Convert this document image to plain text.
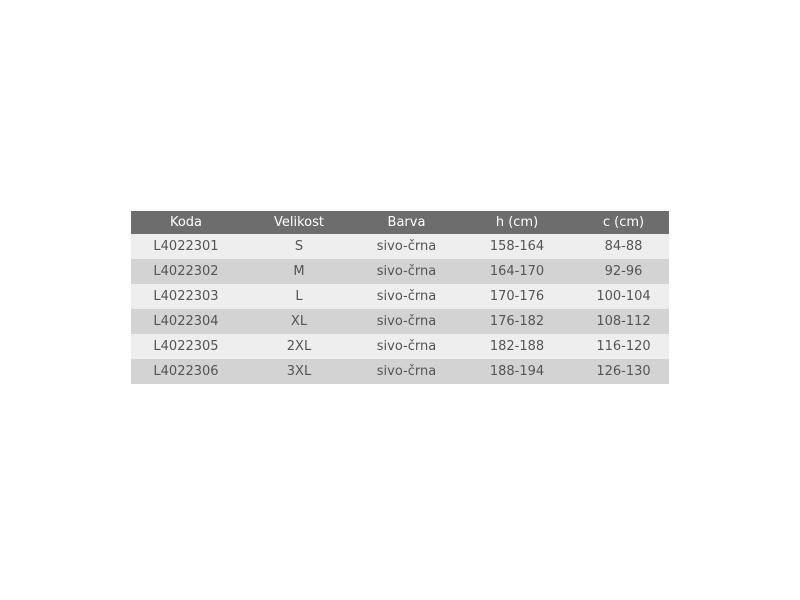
Koda	Velikost	Barva	h (cm)	c (cm)
L4022301	S	sivo-črna	158-164	84-88
L4022302	M	sivo-črna	164-170	92-96
L4022303	L	sivo-črna	170-176	100-104
L4022304	XL	sivo-črna	176-182	108-112
L4022305	2XL	sivo-črna	182-188	116-120
L4022306	3XL	sivo-črna	188-194	126-130
